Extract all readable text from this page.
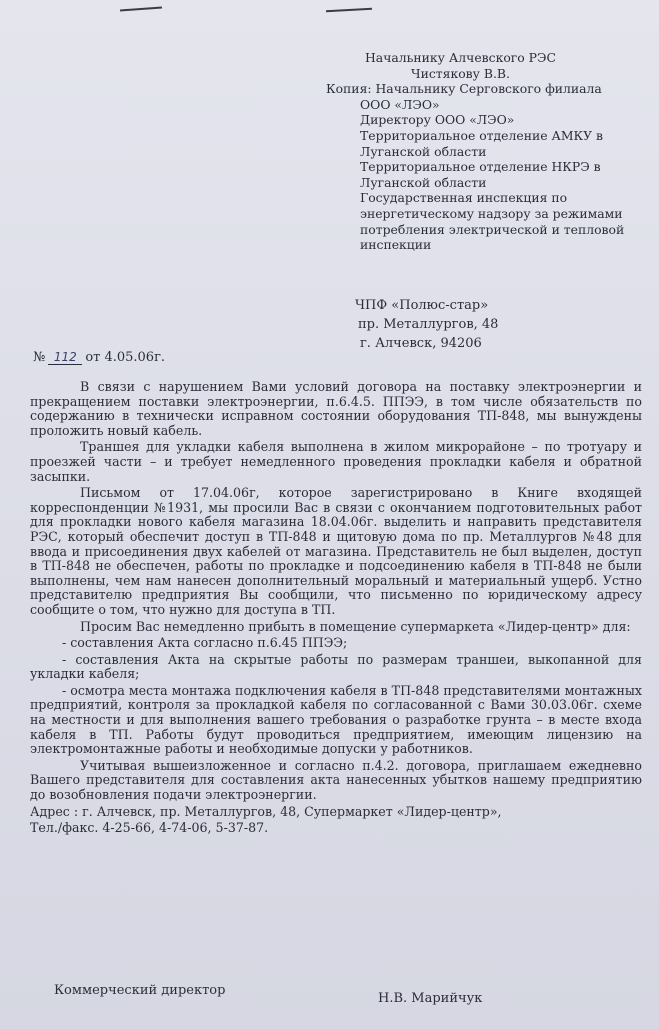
Начальнику Алчевского РЭС
Чистякову В.В.
Копия: Начальнику Серговского филиала
ООО «ЛЭО»
Директору ООО «ЛЭО»
Территориальное отделение АМКУ в Луганской области
Территориальное отделение НКРЭ в Луганской области
Государственная инспекция по энергетическому надзору за режимами потребления электрической и тепловой инспекции
ЧПФ «Полюс-стар»
пр. Металлургов, 48
г. Алчевск, 94206
№ 112 от 4.05.06г.

В связи с нарушением Вами условий договора на поставку электроэнергии и прекращением поставки электроэнергии, п.6.4.5. ППЭЭ, в том числе обязательств по содержанию в технически исправном состоянии оборудования ТП-848, мы вынуждены проложить новый кабель.

Траншея для укладки кабеля выполнена в жилом микрорайоне – по тротуару и проезжей части – и требует немедленного проведения прокладки кабеля и обратной засыпки.

Письмом от 17.04.06г, которое зарегистрировано в Книге входящей корреспонденции №1931, мы просили Вас в связи с окончанием подготовительных работ для прокладки нового кабеля магазина 18.04.06г. выделить и направить представителя РЭС, который обеспечит доступ в ТП-848 и щитовую дома по пр. Металлургов №48 для ввода и присоединения двух кабелей от магазина. Представитель не был выделен, доступ в ТП-848 не обеспечен, работы по прокладке и подсоединению кабеля в ТП-848 не были выполнены, чем нам нанесен дополнительный моральный и материальный ущерб. Устно представителю предприятия Вы сообщили, что письменно по юридическому адресу сообщите о том, что нужно для доступа в ТП.

Просим Вас немедленно прибыть в помещение супермаркета «Лидер-центр» для:

- составления Акта согласно п.6.45 ППЭЭ;

- составления Акта на скрытые работы по размерам траншеи, выкопанной для укладки кабеля;

- осмотра места монтажа подключения кабеля в ТП-848 представителями монтажных предприятий, контроля за прокладкой кабеля по согласованной с Вами 30.03.06г. схеме на местности и для выполнения вашего требования о разработке грунта – в месте входа кабеля в ТП. Работы будут проводиться предприятием, имеющим лицензию на электромонтажные работы и необходимые допуски у работников.

Учитывая вышеизложенное и согласно п.4.2. договора, приглашаем ежедневно Вашего представителя для составления акта нанесенных убытков нашему предприятию до возобновления подачи электроэнергии.

Адрес : г. Алчевск, пр. Металлургов, 48, Супермаркет «Лидер-центр»,

Тел./факс. 4-25-66, 4-74-06, 5-37-87.

Коммерческий директор
Н.В. Марийчук
